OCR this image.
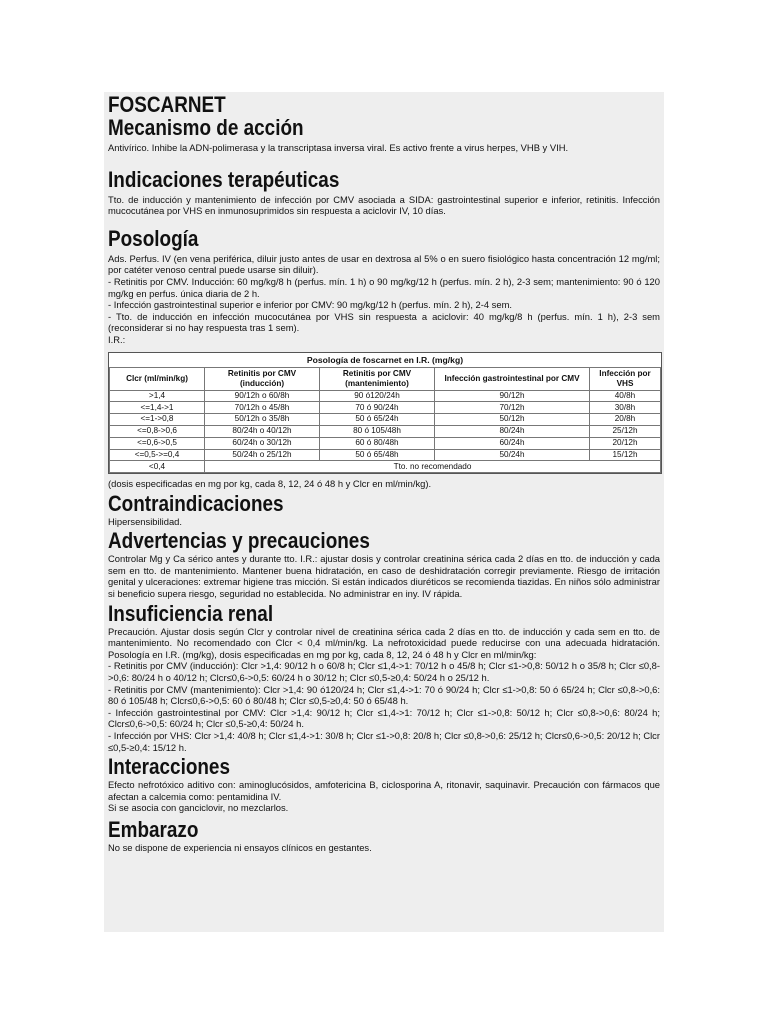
FOSCARNET
Mecanismo de acción

Antivírico. Inhibe la ADN-polimerasa y la transcriptasa inversa viral. Es activo frente a virus herpes, VHB y VIH.

Indicaciones terapéuticas

Tto. de inducción y mantenimiento de infección por CMV asociada a SIDA: gastrointestinal superior e inferior, retinitis. Infección mucocutánea por VHS en inmunosuprimidos sin respuesta a aciclovir IV, 10 días.

Posología

Ads. Perfus. IV (en vena periférica, diluir justo antes de usar en dextrosa al 5% o en suero fisiológico hasta concentración 12 mg/ml; por catéter venoso central puede usarse sin diluir).

- Retinitis por CMV. Inducción: 60 mg/kg/8 h (perfus. mín. 1 h) o 90 mg/kg/12 h (perfus. mín. 2 h), 2-3 sem; mantenimiento: 90 ó 120 mg/kg en perfus. única diaria de 2 h.

- Infección gastrointestinal superior e inferior por CMV: 90 mg/kg/12 h (perfus. mín. 2 h), 2-4 sem.

- Tto. de inducción en infección mucocutánea por VHS sin respuesta a aciclovir: 40 mg/kg/8 h (perfus. mín. 1 h), 2-3 sem (reconsiderar si no hay respuesta tras 1 sem).

I.R.:

Posología de foscarnet en I.R. (mg/kg)
Clcr (ml/min/kg)	Retinitis por CMV (inducción)	Retinitis por CMV (mantenimiento)	Infección gastrointestinal por CMV	Infección por VHS
>1,4	90/12h o 60/8h	90 ó120/24h	90/12h	40/8h
<=1,4->1	70/12h o 45/8h	70 ó 90/24h	70/12h	30/8h
<=1->0,8	50/12h o 35/8h	50 ó 65/24h	50/12h	20/8h
<=0,8->0,6	80/24h o 40/12h	80 ó 105/48h	80/24h	25/12h
<=0,6->0,5	60/24h o 30/12h	60 ó 80/48h	60/24h	20/12h
<=0,5->=0,4	50/24h o 25/12h	50 ó 65/48h	50/24h	15/12h
<0,4	Tto. no recomendado			

(dosis especificadas en mg por kg, cada 8, 12, 24 ó 48 h y Clcr en ml/min/kg).

Contraindicaciones

Hipersensibilidad.

Advertencias y precauciones

Controlar Mg y Ca sérico antes y durante tto. I.R.: ajustar dosis y controlar creatinina sérica cada 2 días en tto. de inducción y cada sem en tto. de mantenimiento. Mantener buena hidratación, en caso de deshidratación corregir previamente. Riesgo de irritación genital y ulceraciones: extremar higiene tras micción. Si están indicados diuréticos se recomienda tiazidas. En niños sólo administrar si beneficio supera riesgo, seguridad no establecida. No administrar en iny. IV rápida.

Insuficiencia renal

Precaución. Ajustar dosis según Clcr y controlar nivel de creatinina sérica cada 2 días en tto. de inducción y cada sem en tto. de mantenimiento. No recomendado con Clcr < 0,4 ml/min/kg. La nefrotoxicidad puede reducirse con una adecuada hidratación. Posología en I.R. (mg/kg), dosis especificadas en mg por kg, cada 8, 12, 24 ó 48 h y Clcr en ml/min/kg:

- Retinitis por CMV (inducción): Clcr >1,4: 90/12 h o 60/8 h; Clcr ≤1,4->1: 70/12 h o 45/8 h; Clcr ≤1->0,8: 50/12 h o 35/8 h; Clcr ≤0,8->0,6: 80/24 h o 40/12 h; Clcr≤0,6->0,5: 60/24 h o 30/12 h; Clcr ≤0,5-≥0,4: 50/24 h o 25/12 h.

- Retinitis por CMV (mantenimiento): Clcr >1,4: 90 ó120/24 h; Clcr ≤1,4->1: 70 ó 90/24 h; Clcr ≤1->0,8: 50 ó 65/24 h; Clcr ≤0,8->0,6: 80 ó 105/48 h; Clcr≤0,6->0,5: 60 ó 80/48 h; Clcr ≤0,5-≥0,4: 50 ó 65/48 h.

- Infección gastrointestinal por CMV: Clcr >1,4: 90/12 h; Clcr ≤1,4->1: 70/12 h; Clcr ≤1->0,8: 50/12 h; Clcr ≤0,8->0,6: 80/24 h; Clcr≤0,6->0,5: 60/24 h; Clcr ≤0,5-≥0,4: 50/24 h.

- Infección por VHS: Clcr >1,4: 40/8 h; Clcr ≤1,4->1: 30/8 h; Clcr ≤1->0,8: 20/8 h; Clcr ≤0,8->0,6: 25/12 h; Clcr≤0,6->0,5: 20/12 h; Clcr ≤0,5-≥0,4: 15/12 h.

Interacciones

Efecto nefrotóxico aditivo con: aminoglucósidos, amfotericina B, ciclosporina A, ritonavir, saquinavir. Precaución con fármacos que afectan a calcemia como: pentamidina IV.

Si se asocia con ganciclovir, no mezclarlos.

Embarazo

No se dispone de experiencia ni ensayos clínicos en gestantes.
